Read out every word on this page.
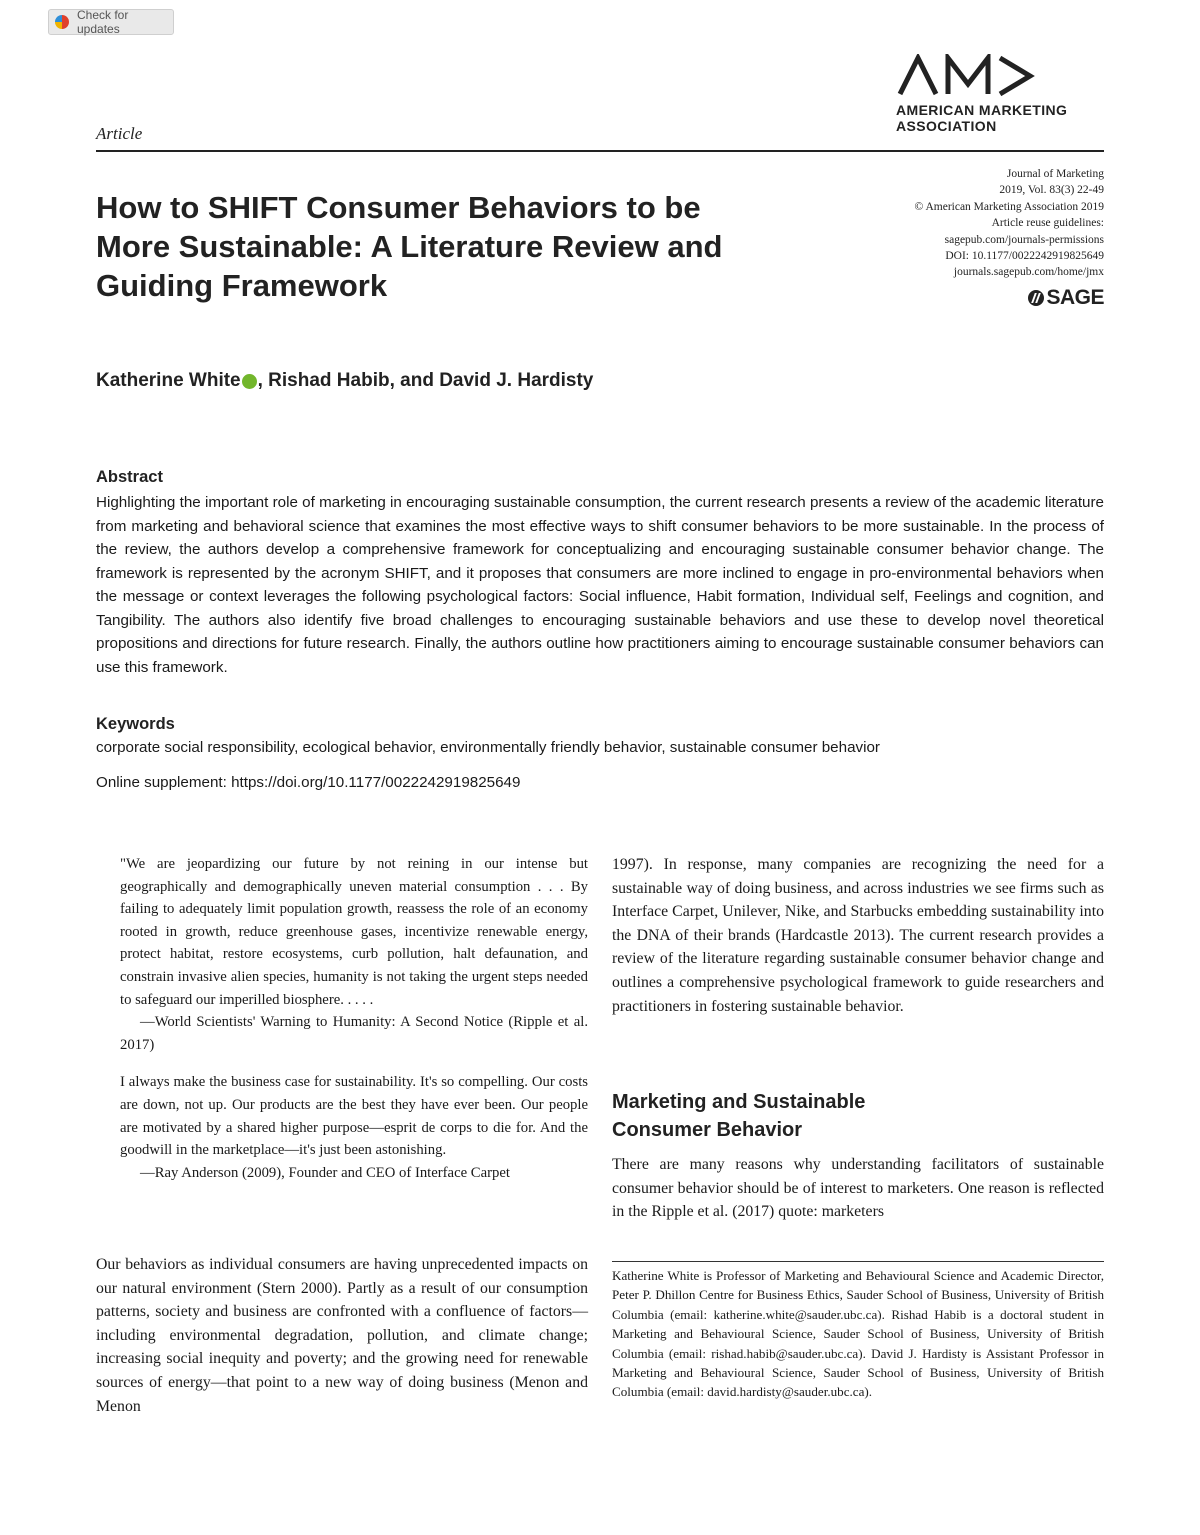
Check for updates
AMERICAN MARKETING
ASSOCIATION
Article
How to SHIFT Consumer Behaviors to be More Sustainable: A Literature Review and Guiding Framework
Journal of Marketing
2019, Vol. 83(3) 22-49
© American Marketing Association 2019
Article reuse guidelines:
sagepub.com/journals-permissions
DOI: 10.1177/0022242919825649
journals.sagepub.com/home/jmx
SAGE
Katherine White , Rishad Habib, and David J. Hardisty
Abstract

Highlighting the important role of marketing in encouraging sustainable consumption, the current research presents a review of the academic literature from marketing and behavioral science that examines the most effective ways to shift consumer behaviors to be more sustainable. In the process of the review, the authors develop a comprehensive framework for conceptualizing and encouraging sustainable consumer behavior change. The framework is represented by the acronym SHIFT, and it proposes that consumers are more inclined to engage in pro-environmental behaviors when the message or context leverages the following psychological factors: Social influence, Habit formation, Individual self, Feelings and cognition, and Tangibility. The authors also identify five broad challenges to encouraging sustainable behaviors and use these to develop novel theoretical propositions and directions for future research. Finally, the authors outline how practitioners aiming to encourage sustainable consumer behaviors can use this framework.

Keywords
corporate social responsibility, ecological behavior, environmentally friendly behavior, sustainable consumer behavior
Online supplement: https://doi.org/10.1177/0022242919825649

"We are jeopardizing our future by not reining in our intense but geographically and demographically uneven material consumption . . . By failing to adequately limit population growth, reassess the role of an economy rooted in growth, reduce greenhouse gases, incentivize renewable energy, protect habitat, restore ecosystems, curb pollution, halt defaunation, and constrain invasive alien species, humanity is not taking the urgent steps needed to safeguard our imperilled biosphere. . . . .

—World Scientists' Warning to Humanity: A Second Notice (Ripple et al. 2017)

I always make the business case for sustainability. It's so compelling. Our costs are down, not up. Our products are the best they have ever been. Our people are motivated by a shared higher purpose—esprit de corps to die for. And the goodwill in the marketplace—it's just been astonishing.

—Ray Anderson (2009), Founder and CEO of Interface Carpet

Our behaviors as individual consumers are having unprecedented impacts on our natural environment (Stern 2000). Partly as a result of our consumption patterns, society and business are confronted with a confluence of factors—including environmental degradation, pollution, and climate change; increasing social inequity and poverty; and the growing need for renewable sources of energy—that point to a new way of doing business (Menon and Menon

1997). In response, many companies are recognizing the need for a sustainable way of doing business, and across industries we see firms such as Interface Carpet, Unilever, Nike, and Starbucks embedding sustainability into the DNA of their brands (Hardcastle 2013). The current research provides a review of the literature regarding sustainable consumer behavior change and outlines a comprehensive psychological framework to guide researchers and practitioners in fostering sustainable behavior.

Marketing and Sustainable
Consumer Behavior

There are many reasons why understanding facilitators of sustainable consumer behavior should be of interest to marketers. One reason is reflected in the Ripple et al. (2017) quote: marketers

Katherine White is Professor of Marketing and Behavioural Science and Academic Director, Peter P. Dhillon Centre for Business Ethics, Sauder School of Business, University of British Columbia (email: katherine.white@sauder.ubc.ca). Rishad Habib is a doctoral student in Marketing and Behavioural Science, Sauder School of Business, University of British Columbia (email: rishad.habib@sauder.ubc.ca). David J. Hardisty is Assistant Professor in Marketing and Behavioural Science, Sauder School of Business, University of British Columbia (email: david.hardisty@sauder.ubc.ca).
